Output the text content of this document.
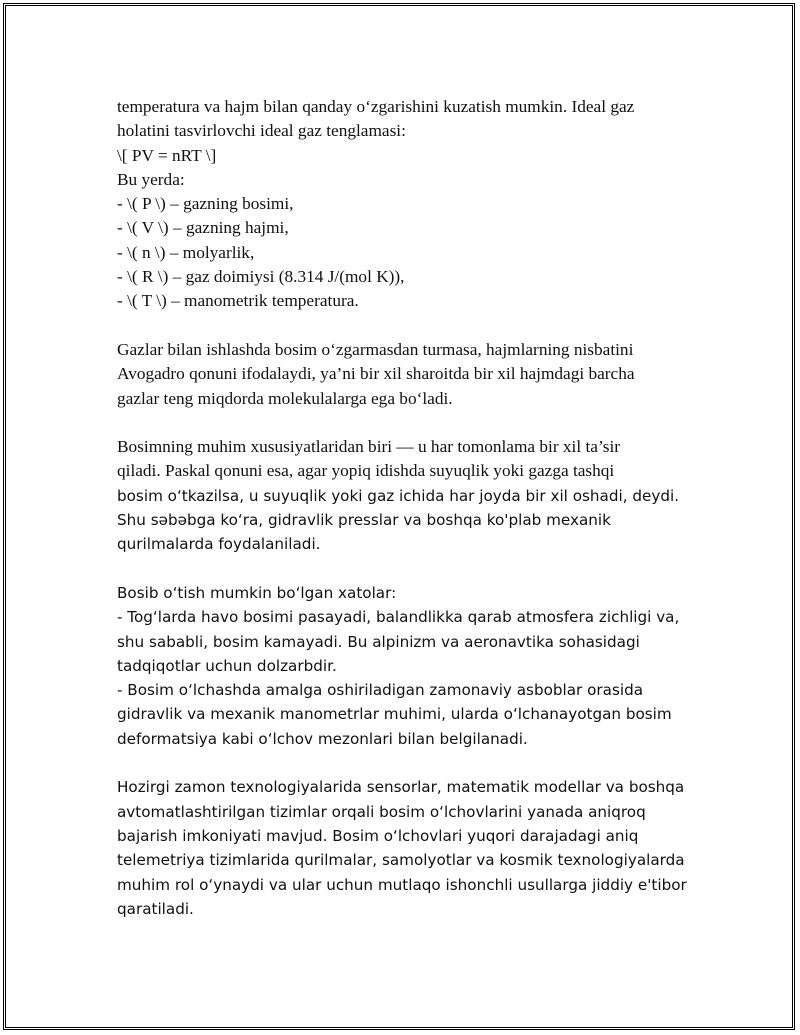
temperatura va hajm bilan qanday o‘zgarishini kuzatish mumkin. Ideal gaz
holatini tasvirlovchi ideal gaz tenglamasi:
\[ PV = nRT \]
Bu yerda:
- \( P \) – gazning bosimi,
- \( V \) – gazning hajmi,
- \( n \) – molyarlik,
- \( R \) – gaz doimiysi (8.314 J/(mol K)),
- \( T \) – manometrik temperatura.
Gazlar bilan ishlashda bosim o‘zgarmasdan turmasa, hajmlarning nisbatini
Avogadro qonuni ifodalaydi, ya’ni bir xil sharoitda bir xil hajmdagi barcha
gazlar teng miqdorda molekulalarga ega bo‘ladi.
Bosimning muhim xususiyatlaridan biri — u har tomonlama bir xil ta’sir
qiladi. Paskal qonuni esa, agar yopiq idishda suyuqlik yoki gazga tashqi
bosim o‘tkazilsa, u suyuqlik yoki gaz ichida har joyda bir xil oshadi, deydi.
Shu səbəbga ko‘ra, gidravlik presslar va boshqa ko'plab mexanik
qurilmalarda foydalaniladi.
Bosib o‘tish mumkin bo‘lgan xatolar:
- Tog‘larda havo bosimi pasayadi, balandlikka qarab atmosfera zichligi va,
shu sababli, bosim kamayadi. Bu alpinizm va aeronavtika sohasidagi
tadqiqotlar uchun dolzarbdir.
- Bosim o‘lchashda amalga oshiriladigan zamonaviy asboblar orasida
gidravlik va mexanik manometrlar muhimi, ularda o‘lchanayotgan bosim
deformatsiya kabi o‘lchov mezonlari bilan belgilanadi.
Hozirgi zamon texnologiyalarida sensorlar, matematik modellar va boshqa
avtomatlashtirilgan tizimlar orqali bosim o‘lchovlarini yanada aniqroq
bajarish imkoniyati mavjud. Bosim o‘lchovlari yuqori darajadagi aniq
telemetriya tizimlarida qurilmalar, samolyotlar va kosmik texnologiyalarda
muhim rol o‘ynaydi va ular uchun mutlaqo ishonchli usullarga jiddiy e'tibor
qaratiladi.
